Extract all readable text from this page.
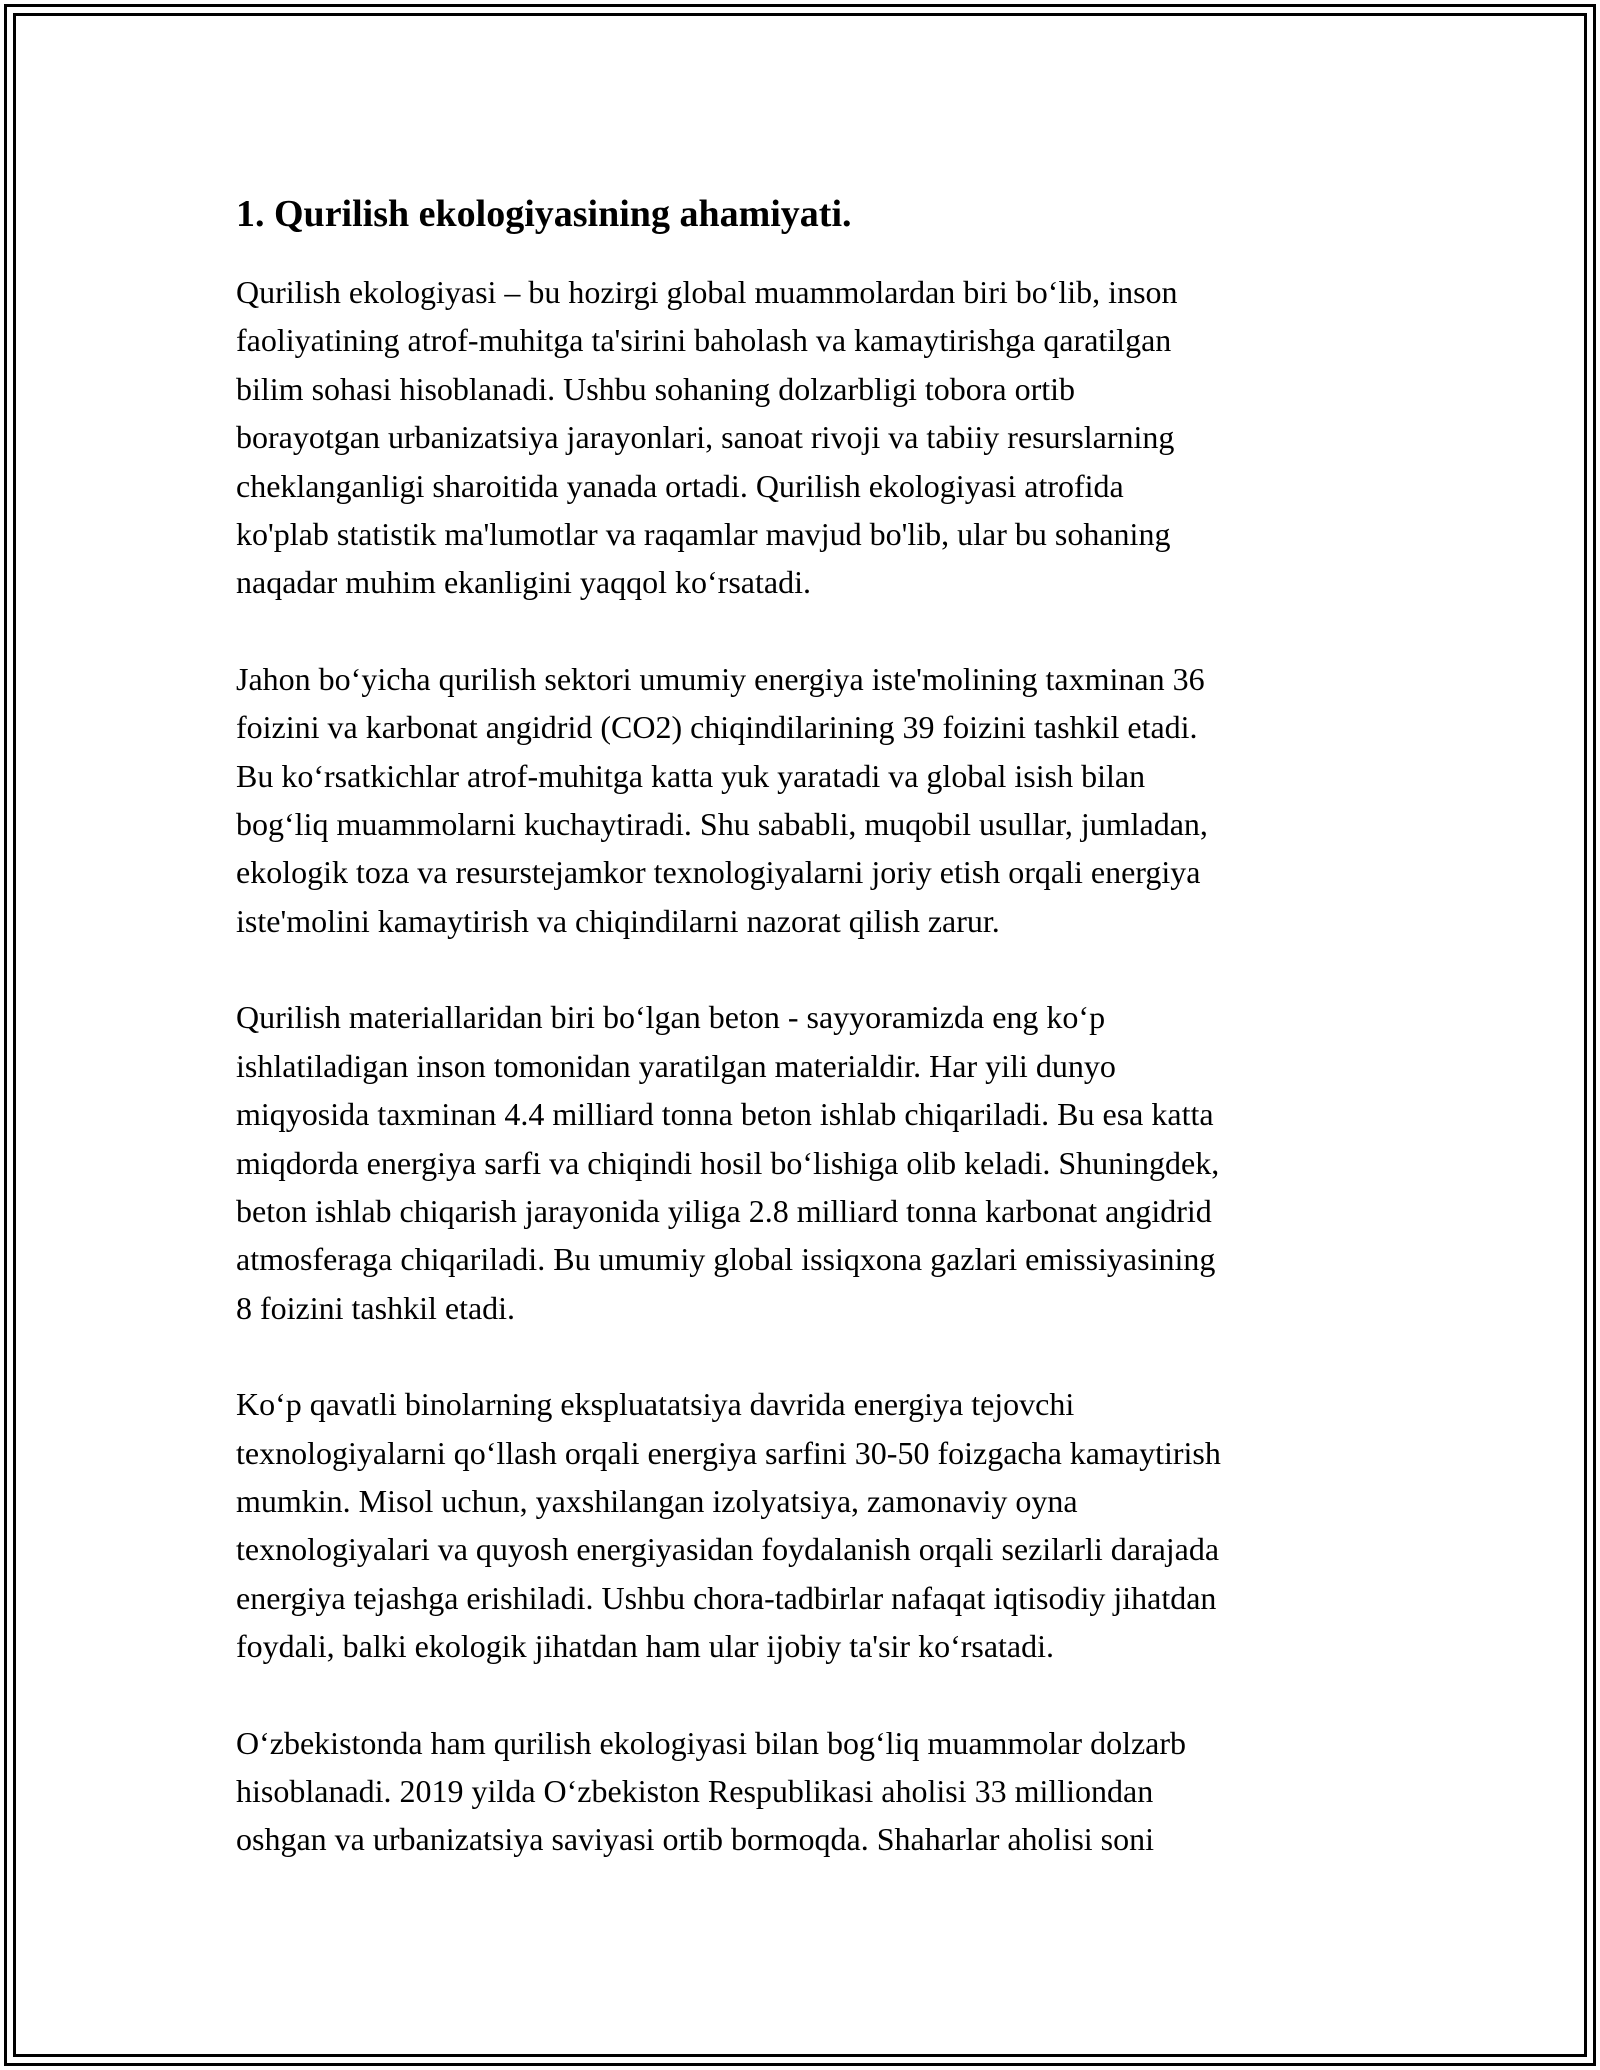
1. Qurilish ekologiyasining ahamiyati.

Qurilish ekologiyasi – bu hozirgi global muammolardan biri bo‘lib, inson
faoliyatining atrof-muhitga ta'sirini baholash va kamaytirishga qaratilgan
bilim sohasi hisoblanadi. Ushbu sohaning dolzarbligi tobora ortib
borayotgan urbanizatsiya jarayonlari, sanoat rivoji va tabiiy resurslarning
cheklanganligi sharoitida yanada ortadi. Qurilish ekologiyasi atrofida
ko'plab statistik ma'lumotlar va raqamlar mavjud bo'lib, ular bu sohaning
naqadar muhim ekanligini yaqqol ko‘rsatadi.

Jahon bo‘yicha qurilish sektori umumiy energiya iste'molining taxminan 36
foizini va karbonat angidrid (CO2) chiqindilarining 39 foizini tashkil etadi.
Bu ko‘rsatkichlar atrof-muhitga katta yuk yaratadi va global isish bilan
bog‘liq muammolarni kuchaytiradi. Shu sababli, muqobil usullar, jumladan,
ekologik toza va resurstejamkor texnologiyalarni joriy etish orqali energiya
iste'molini kamaytirish va chiqindilarni nazorat qilish zarur.

Qurilish materiallaridan biri bo‘lgan beton - sayyoramizda eng ko‘p
ishlatiladigan inson tomonidan yaratilgan materialdir. Har yili dunyo
miqyosida taxminan 4.4 milliard tonna beton ishlab chiqariladi. Bu esa katta
miqdorda energiya sarfi va chiqindi hosil bo‘lishiga olib keladi. Shuningdek,
beton ishlab chiqarish jarayonida yiliga 2.8 milliard tonna karbonat angidrid
atmosferaga chiqariladi. Bu umumiy global issiqxona gazlari emissiyasining
8 foizini tashkil etadi.

Ko‘p qavatli binolarning ekspluatatsiya davrida energiya tejovchi
texnologiyalarni qo‘llash orqali energiya sarfini 30-50 foizgacha kamaytirish
mumkin. Misol uchun, yaxshilangan izolyatsiya, zamonaviy oyna
texnologiyalari va quyosh energiyasidan foydalanish orqali sezilarli darajada
energiya tejashga erishiladi. Ushbu chora-tadbirlar nafaqat iqtisodiy jihatdan
foydali, balki ekologik jihatdan ham ular ijobiy ta'sir ko‘rsatadi.

O‘zbekistonda ham qurilish ekologiyasi bilan bog‘liq muammolar dolzarb
hisoblanadi. 2019 yilda O‘zbekiston Respublikasi aholisi 33 milliondan
oshgan va urbanizatsiya saviyasi ortib bormoqda. Shaharlar aholisi soni
